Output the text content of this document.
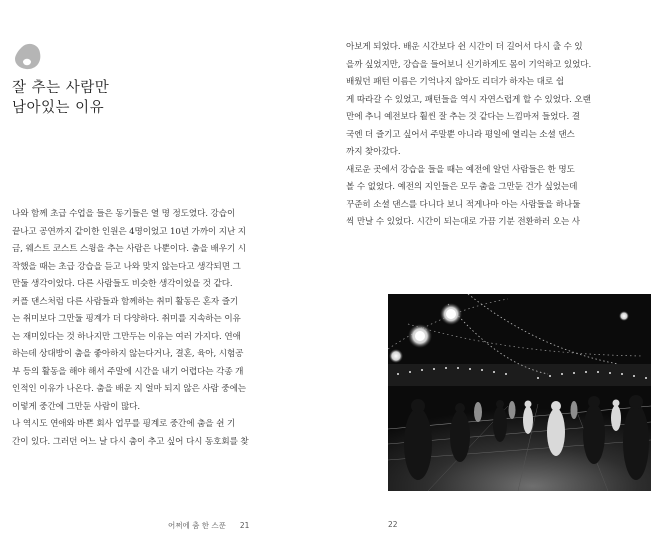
잘 추는 사람만
남아있는 이유
나와 함께 초급 수업을 들은 동기들은 열 명 정도였다. 강습이
끝나고 공연까지 같이한 인원은 4명이었고 10년 가까이 지난 지
금, 웨스트 코스트 스윙을 추는 사람은 나뿐이다. 춤을 배우기 시
작했을 때는 초급 강습을 듣고 나와 맞지 않는다고 생각되면 그
만둘 생각이었다. 다른 사람들도 비슷한 생각이었을 것 같다.
커플 댄스처럼 다른 사람들과 함께하는 취미 활동은 혼자 즐기
는 취미보다 그만둘 핑계가 더 다양하다. 취미를 지속하는 이유
는 재미있다는 것 하나지만 그만두는 이유는 여러 가지다. 연애
하는데 상대방이 춤을 좋아하지 않는다거나, 결혼, 육아, 시험공
부 등의 활동을 해야 해서 주말에 시간을 내기 어렵다는 각종 개
인적인 이유가 나온다. 춤을 배운 지 얼마 되지 않은 사람 중에는
이렇게 중간에 그만둔 사람이 많다.
나 역시도 연애와 바쁜 회사 업무를 핑계로 중간에 춤을 쉰 기
간이 있다. 그러던 어느 날 다시 춤이 추고 싶어 다시 동호회를 찾
어쩌에 춤 한 스푼 21
아보게 되었다. 배운 시간보다 쉰 시간이 더 길어서 다시 출 수 있
을까 싶었지만, 강습을 들어보니 신기하게도 몸이 기억하고 있었다.
배웠던 패턴 이름은 기억나지 않아도 리더가 하자는 대로 쉽
게 따라갈 수 있었고, 패턴들을 역시 자연스럽게 할 수 있었다. 오랜
만에 추니 예전보다 훨씬 잘 추는 것 같다는 느낌마저 들었다. 결
국엔 더 즐기고 싶어서 주말뿐 아니라 평일에 열리는 소셜 댄스
까지 찾아갔다.
새로운 곳에서 강습을 들을 때는 예전에 알던 사람들은 한 명도
볼 수 없었다. 예전의 지인들은 모두 춤을 그만둔 건가 싶었는데
꾸준히 소셜 댄스를 다니다 보니 적게나마 아는 사람들을 하나둘
씩 만날 수 있었다. 시간이 되는대로 가끔 기분 전환하러 오는 사
22
